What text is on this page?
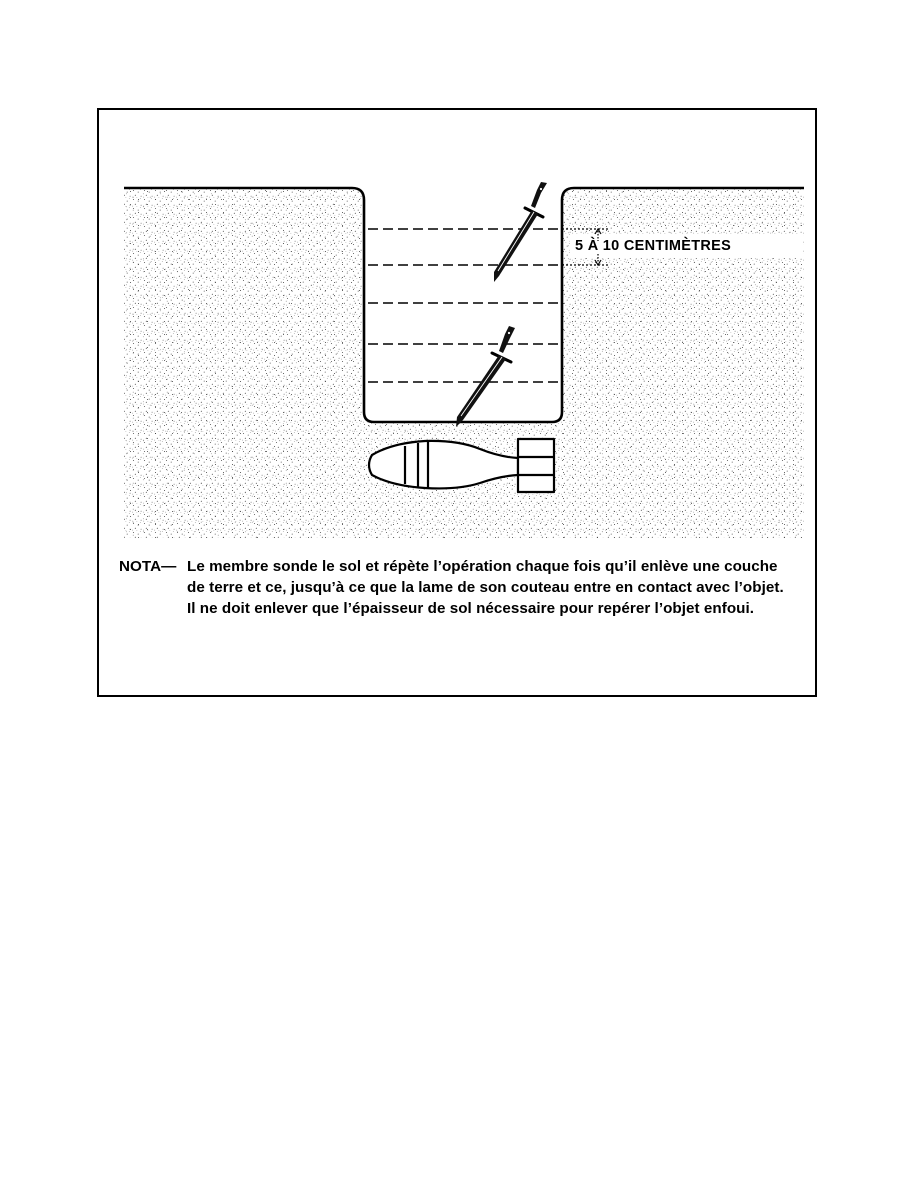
5 À 10 CENTIMÈTRES
NOTA— Le membre sonde le sol et répète l’opération chaque fois qu’il enlève une couche
de terre et ce, jusqu’à ce que la lame de son couteau entre en contact avec l’objet.
Il ne doit enlever que l’épaisseur de sol nécessaire pour repérer l’objet enfoui.
